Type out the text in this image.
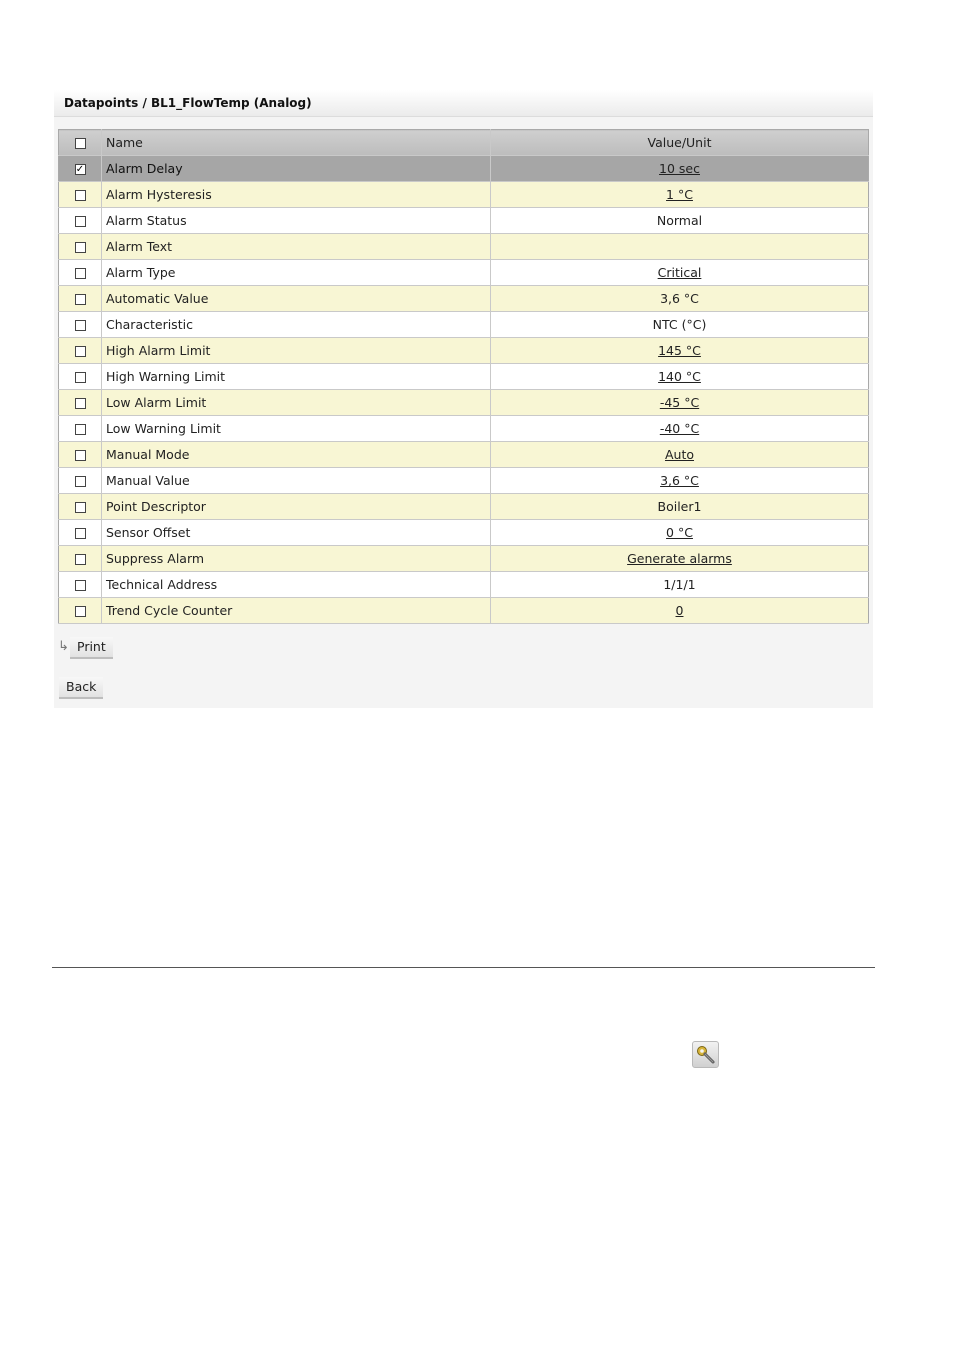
Datapoints / BL1_FlowTemp (Analog)
	Name	Value/Unit
✓	Alarm Delay	10 sec
	Alarm Hysteresis	1 °C
	Alarm Status	Normal
	Alarm Text	
	Alarm Type	Critical
	Automatic Value	3,6 °C
	Characteristic	NTC (°C)
	High Alarm Limit	145 °C
	High Warning Limit	140 °C
	Low Alarm Limit	-45 °C
	Low Warning Limit	-40 °C
	Manual Mode	Auto
	Manual Value	3,6 °C
	Point Descriptor	Boiler1
	Sensor Offset	0 °C
	Suppress Alarm	Generate alarms
	Technical Address	1/1/1
	Trend Cycle Counter	0
↳ Print
Back
